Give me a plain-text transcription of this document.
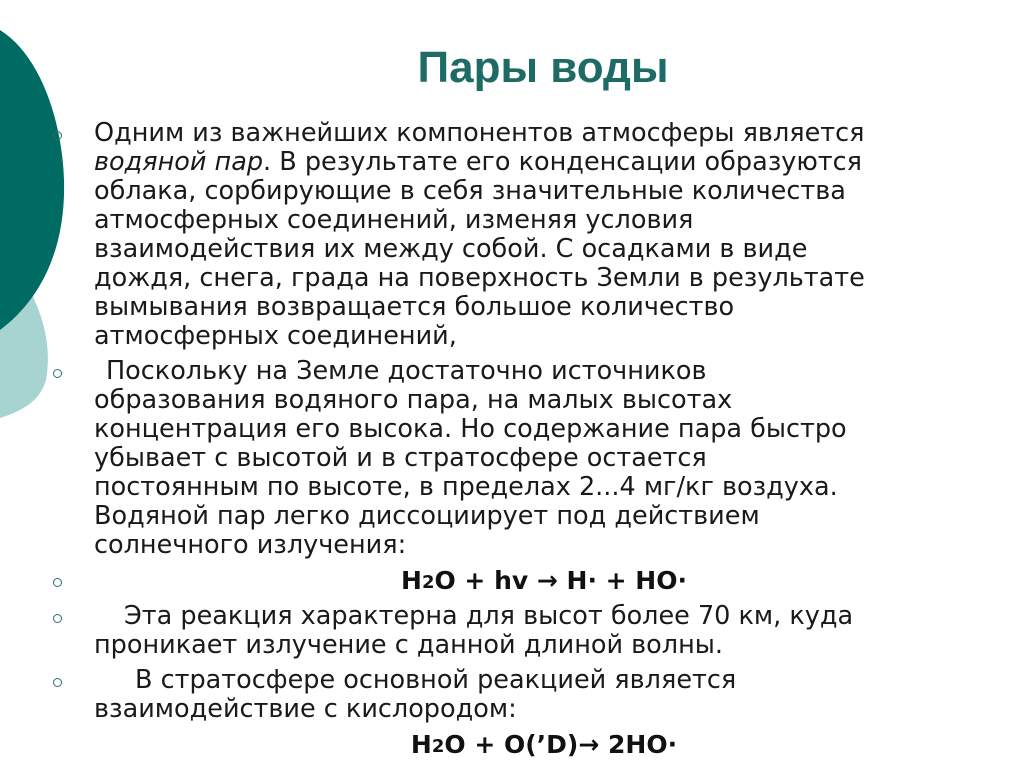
Пары воды

Одним из важнейших компонентов атмосферы является
водяной пар. В результате его конденсации образуются
облака, сорбирующие в себя значительные количества
атмосферных соединений, изменяя условия
взаимодействия их между собой. С осадками в виде
дождя, снега, града на поверхность Земли в результате
вымывания возвращается большое количество
атмосферных соединений,

Поскольку на Земле достаточно источников
образования водяного пара, на малых высотах
концентрация его высока. Но содержание пара быстро
убывает с высотой и в стратосфере остается
постоянным по высоте, в пределах 2...4 мг/кг воздуха.
Водяной пар легко диссоциирует под действием
солнечного излучения:

H2O + hv → H· + HO·

Эта реакция характерна для высот более 70 км, куда
проникает излучение с данной длиной волны.

В стратосфере основной реакцией является
взаимодействие с кислородом:

H2O + O(’D)→ 2HO·
